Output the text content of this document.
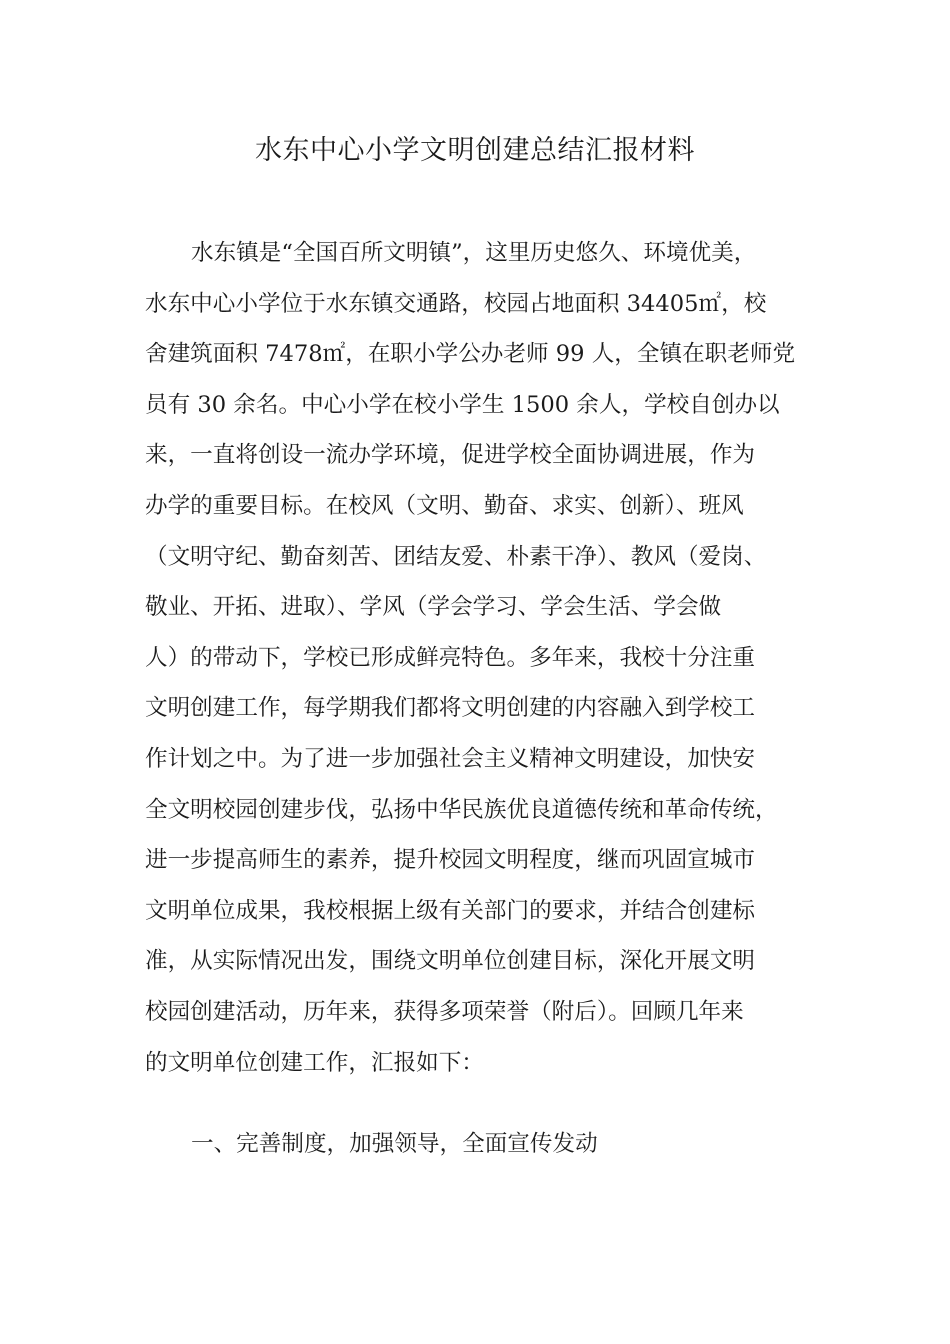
水东中心小学文明创建总结汇报材料
水东镇是“全国百所文明镇”，这里历史悠久、环境优美，
水东中心小学位于水东镇交通路，校园占地面积 34405㎡，校
舍建筑面积 7478㎡，在职小学公办老师 99 人，全镇在职老师党
员有 30 余名。中心小学在校小学生 1500 余人，学校自创办以
来，一直将创设一流办学环境，促进学校全面协调进展，作为
办学的重要目标。在校风（文明、勤奋、求实、创新）、班风
（文明守纪、勤奋刻苦、团结友爱、朴素干净）、教风（爱岗、
敬业、开拓、进取）、学风（学会学习、学会生活、学会做
人）的带动下，学校已形成鲜亮特色。多年来，我校十分注重
文明创建工作，每学期我们都将文明创建的内容融入到学校工
作计划之中。为了进一步加强社会主义精神文明建设，加快安
全文明校园创建步伐，弘扬中华民族优良道德传统和革命传统，
进一步提高师生的素养，提升校园文明程度，继而巩固宣城市
文明单位成果，我校根据上级有关部门的要求，并结合创建标
准，从实际情况出发，围绕文明单位创建目标，深化开展文明
校园创建活动，历年来，获得多项荣誉（附后）。回顾几年来
的文明单位创建工作，汇报如下：
一、完善制度，加强领导，全面宣传发动
